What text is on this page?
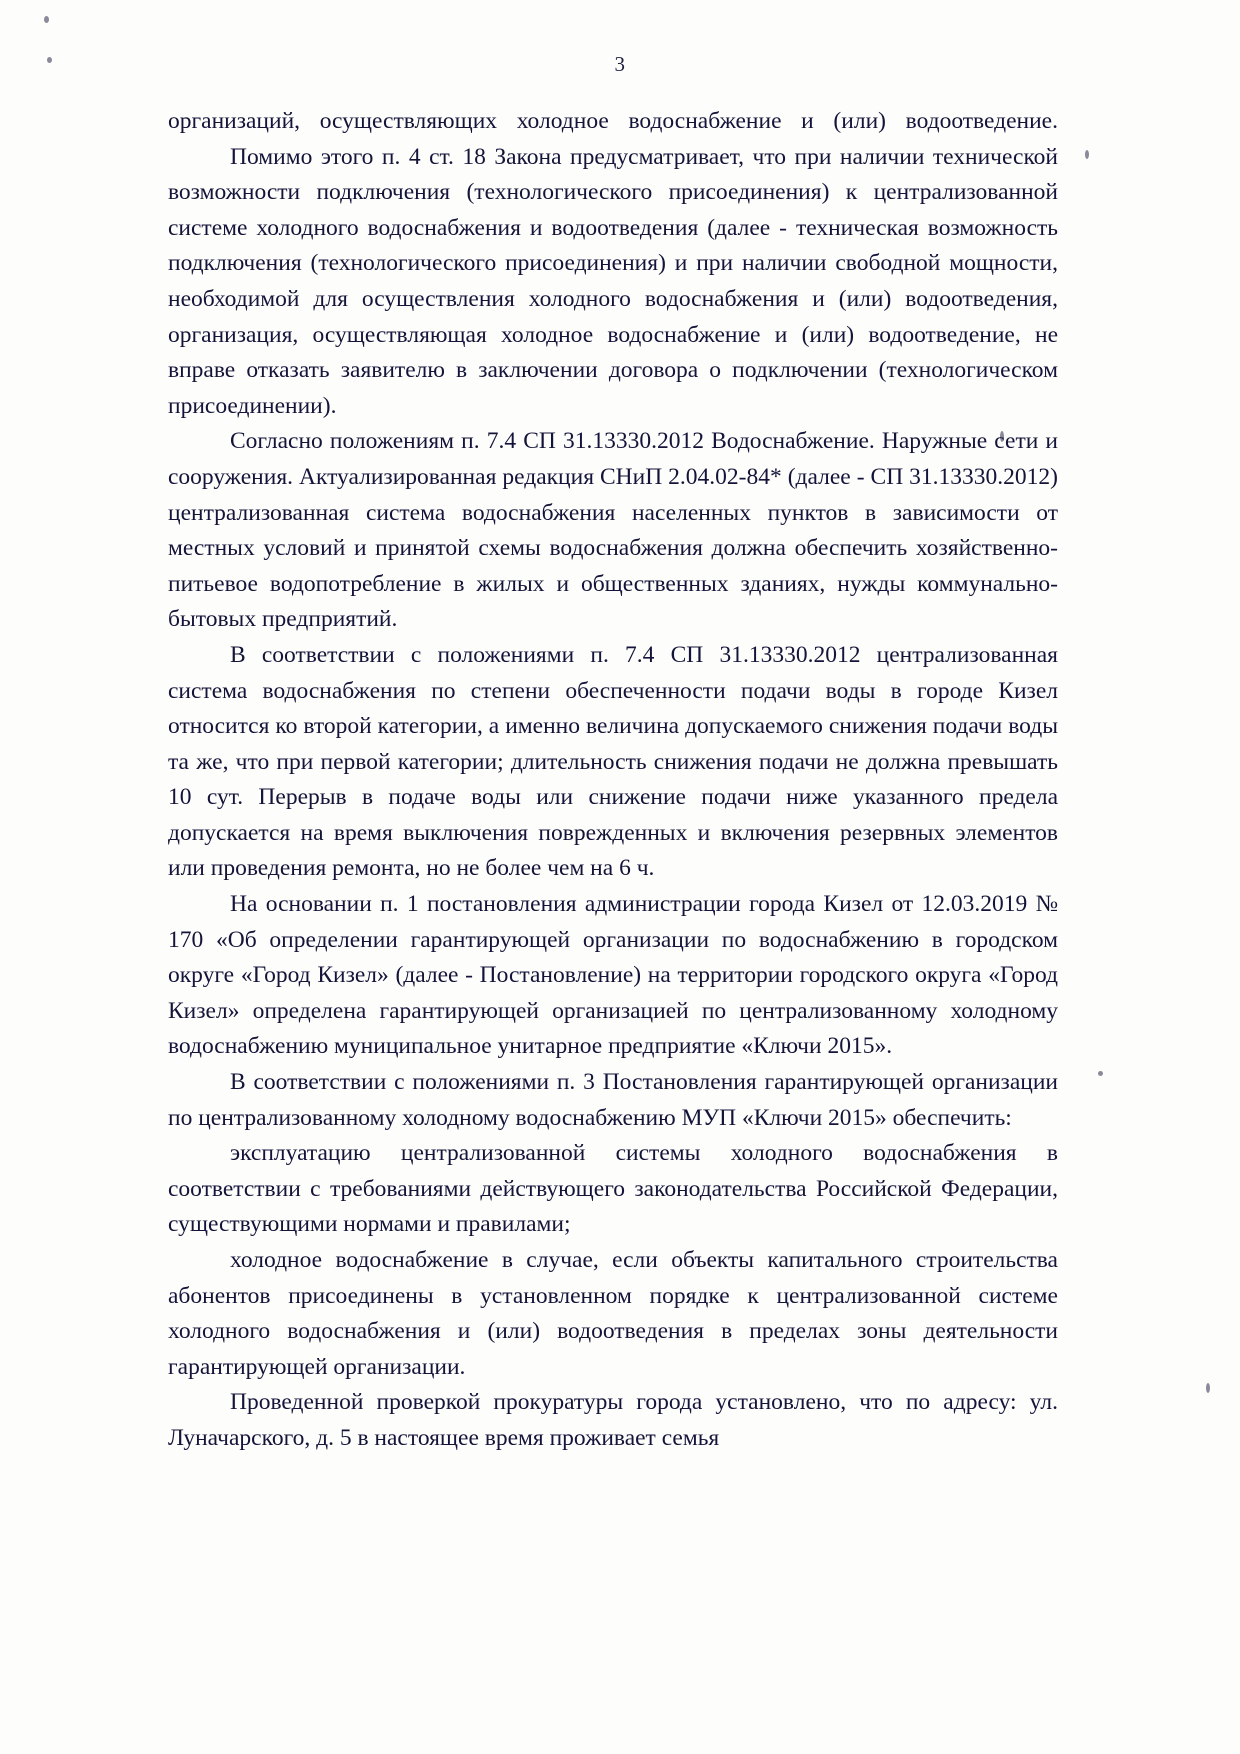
3

организаций, осуществляющих холодное водоснабжение и (или) водоотведение.

Помимо этого п. 4 ст. 18 Закона предусматривает, что при наличии технической возможности подключения (технологического присоединения) к централизованной системе холодного водоснабжения и водоотведения (далее - техническая возможность подключения (технологического присоединения) и при наличии свободной мощности, необходимой для осуществления холодного водоснабжения и (или) водоотведения, организация, осуществляющая холодное водоснабжение и (или) водоотведение, не вправе отказать заявителю в заключении договора о подключении (технологическом присоединении).

Согласно положениям п. 7.4 СП 31.13330.2012 Водоснабжение. Наружные сети и сооружения. Актуализированная редакция СНиП 2.04.02-84* (далее - СП 31.13330.2012) централизованная система водоснабжения населенных пунктов в зависимости от местных условий и принятой схемы водоснабжения должна обеспечить хозяйственно-питьевое водопотребление в жилых и общественных зданиях, нужды коммунально-бытовых предприятий.

В соответствии с положениями п. 7.4 СП 31.13330.2012 централизованная система водоснабжения по степени обеспеченности подачи воды в городе Кизел относится ко второй категории, а именно величина допускаемого снижения подачи воды та же, что при первой категории; длительность снижения подачи не должна превышать 10 сут. Перерыв в подаче воды или снижение подачи ниже указанного предела допускается на время выключения поврежденных и включения резервных элементов или проведения ремонта, но не более чем на 6 ч.

На основании п. 1 постановления администрации города Кизел от 12.03.2019 № 170 «Об определении гарантирующей организации по водоснабжению в городском округе «Город Кизел» (далее - Постановление) на территории городского округа «Город Кизел» определена гарантирующей организацией по централизованному холодному водоснабжению муниципальное унитарное предприятие «Ключи 2015».

В соответствии с положениями п. 3 Постановления гарантирующей организации по централизованному холодному водоснабжению МУП «Ключи 2015» обеспечить:

эксплуатацию централизованной системы холодного водоснабжения в соответствии с требованиями действующего законодательства Российской Федерации, существующими нормами и правилами;

холодное водоснабжение в случае, если объекты капитального строительства абонентов присоединены в установленном порядке к централизованной системе холодного водоснабжения и (или) водоотведения в пределах зоны деятельности гарантирующей организации.

Проведенной проверкой прокуратуры города установлено, что по адресу: ул. Луначарского, д. 5 в настоящее время проживает семья
